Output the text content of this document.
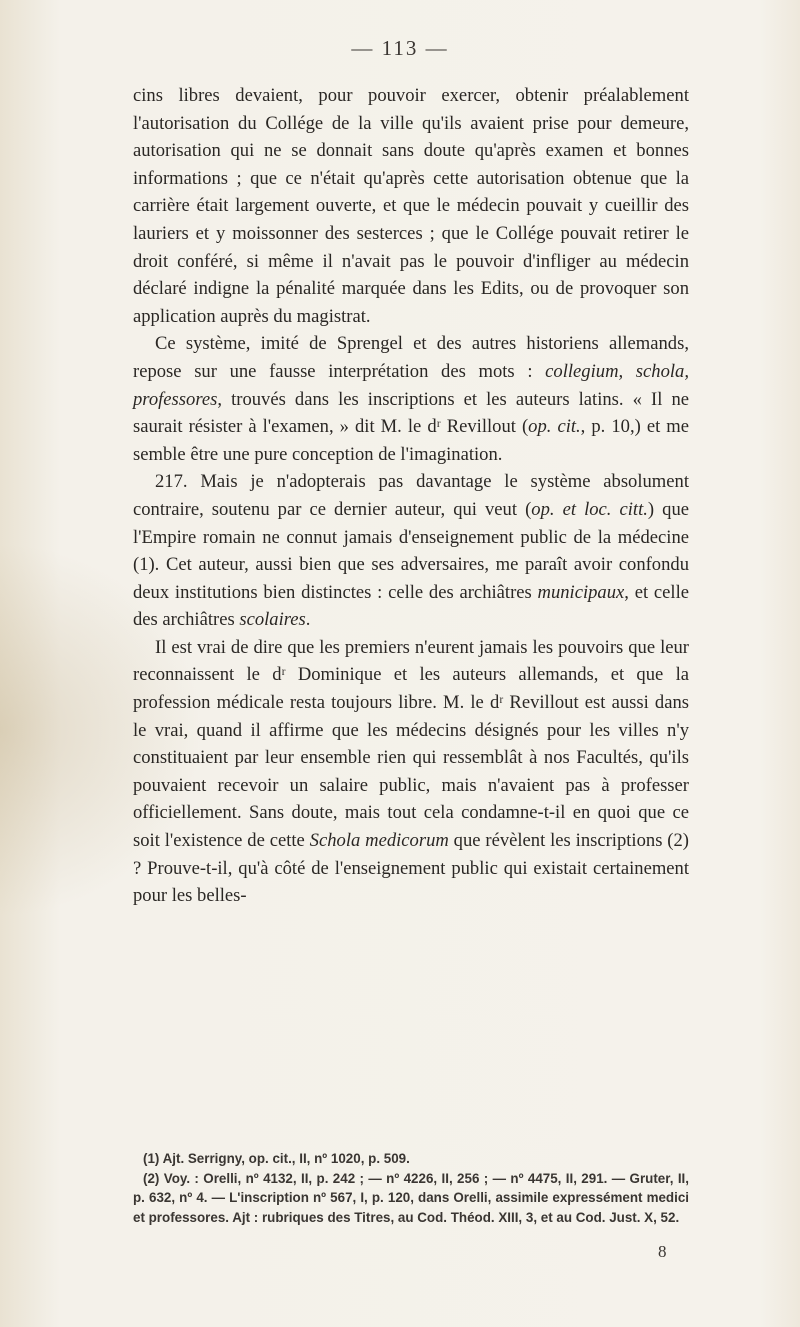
— 113 —

cins libres devaient, pour pouvoir exercer, obtenir préalablement l'autorisation du Collége de la ville qu'ils avaient prise pour demeure, autorisation qui ne se donnait sans doute qu'après examen et bonnes informations ; que ce n'était qu'après cette autorisation obtenue que la carrière était largement ouverte, et que le médecin pouvait y cueillir des lauriers et y moissonner des sesterces ; que le Collége pouvait retirer le droit conféré, si même il n'avait pas le pouvoir d'infliger au médecin déclaré indigne la pénalité marquée dans les Edits, ou de provoquer son application auprès du magistrat.

Ce système, imité de Sprengel et des autres historiens allemands, repose sur une fausse interprétation des mots : collegium, schola, professores, trouvés dans les inscriptions et les auteurs latins. « Il ne saurait résister à l'examen, » dit M. le dʳ Revillout (op. cit., p. 10,) et me semble être une pure conception de l'imagination.

217. Mais je n'adopterais pas davantage le système absolument contraire, soutenu par ce dernier auteur, qui veut (op. et loc. citt.) que l'Empire romain ne connut jamais d'enseignement public de la médecine (1). Cet auteur, aussi bien que ses adversaires, me paraît avoir confondu deux institutions bien distinctes : celle des archiâtres municipaux, et celle des archiâtres scolaires.

Il est vrai de dire que les premiers n'eurent jamais les pouvoirs que leur reconnaissent le dʳ Dominique et les auteurs allemands, et que la profession médicale resta toujours libre. M. le dʳ Revillout est aussi dans le vrai, quand il affirme que les médecins désignés pour les villes n'y constituaient par leur ensemble rien qui ressemblât à nos Facultés, qu'ils pouvaient recevoir un salaire public, mais n'avaient pas à professer officiellement. Sans doute, mais tout cela condamne-t-il en quoi que ce soit l'existence de cette Schola medicorum que révèlent les inscriptions (2) ? Prouve-t-il, qu'à côté de l'enseignement public qui existait certainement pour les belles-

(1) Ajt. Serrigny, op. cit., II, nº 1020, p. 509.

(2) Voy. : Orelli, nº 4132, II, p. 242 ; — nº 4226, II, 256 ; — nº 4475, II, 291. — Gruter, II, p. 632, nº 4. — L'inscription nº 567, I, p. 120, dans Orelli, assimile expressément medici et professores. Ajt : rubriques des Titres, au Cod. Théod. XIII, 3, et au Cod. Just. X, 52.

8
